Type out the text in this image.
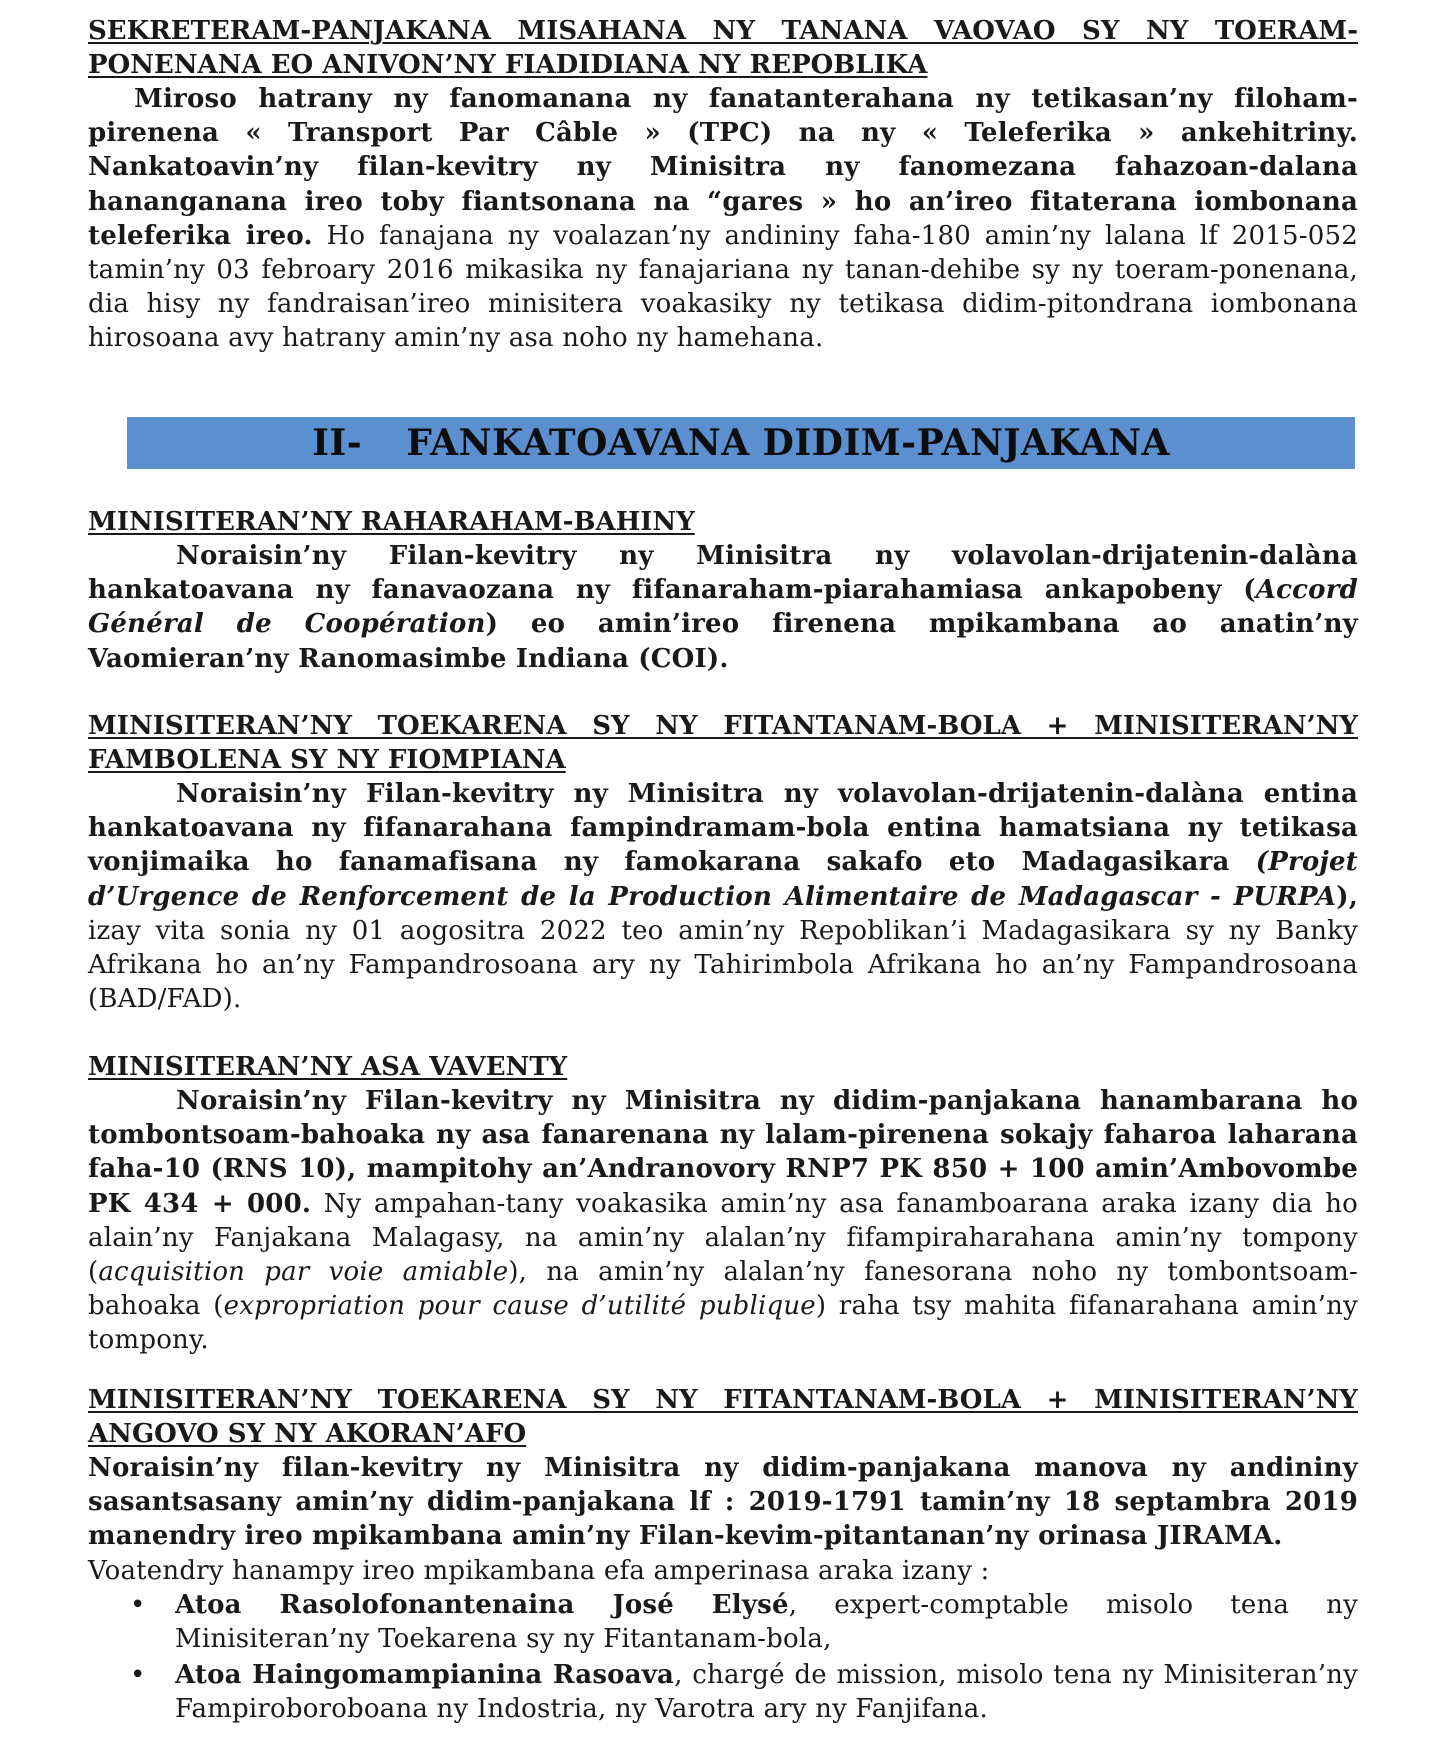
SEKRETERAM-PANJAKANA MISAHANA NY TANANA VAOVAO SY NY TOERAM-PONENANA EO ANIVON’NY FIADIDIANA NY REPOBLIKA

Miroso hatrany ny fanomanana ny fanatanterahana ny tetikasan’ny filoham-pirenena « Transport Par Câble » (TPC) na ny « Teleferika » ankehitriny. Nankatoavin’ny filan-kevitry ny Minisitra ny fanomezana fahazoan-dalana hananganana ireo toby fiantsonana na “gares » ho an’ireo fitaterana iombonana teleferika ireo. Ho fanajana ny voalazan’ny andininy faha-180 amin’ny lalana lf 2015-052 tamin’ny 03 febroary 2016 mikasika ny fanajariana ny tanan-dehibe sy ny toeram-ponenana, dia hisy ny fandraisan’ireo minisitera voakasiky ny tetikasa didim-pitondrana iombonana hirosoana avy hatrany amin’ny asa noho ny hamehana.

II- FANKATOAVANA DIDIM-PANJAKANA

MINISITERAN’NY RAHARAHAM-BAHINY

Noraisin’ny Filan-kevitry ny Minisitra ny volavolan-drijatenin-dalàna hankatoavana ny fanavaozana ny fifanaraham-piarahamiasa ankapobeny (Accord Général de Coopération) eo amin’ireo firenena mpikambana ao anatin’ny Vaomieran’ny Ranomasimbe Indiana (COI).

MINISITERAN’NY TOEKARENA SY NY FITANTANAM-BOLA + MINISITERAN’NY FAMBOLENA SY NY FIOMPIANA

Noraisin’ny Filan-kevitry ny Minisitra ny volavolan-drijatenin-dalàna entina hankatoavana ny fifanarahana fampindramam-bola entina hamatsiana ny tetikasa vonjimaika ho fanamafisana ny famokarana sakafo eto Madagasikara (Projet d’Urgence de Renforcement de la Production Alimentaire de Madagascar - PURPA), izay vita sonia ny 01 aogositra 2022 teo amin’ny Repoblikan’i Madagasikara sy ny Banky Afrikana ho an’ny Fampandrosoana ary ny Tahirimbola Afrikana ho an’ny Fampandrosoana (BAD/FAD).

MINISITERAN’NY ASA VAVENTY

Noraisin’ny Filan-kevitry ny Minisitra ny didim-panjakana hanambarana ho tombontsoam-bahoaka ny asa fanarenana ny lalam-pirenena sokajy faharoa laharana faha-10 (RNS 10), mampitohy an’Andranovory RNP7 PK 850 + 100 amin’Ambovombe PK 434 + 000. Ny ampahan-tany voakasika amin’ny asa fanamboarana araka izany dia ho alain’ny Fanjakana Malagasy, na amin’ny alalan’ny fifampiraharahana amin’ny tompony (acquisition par voie amiable), na amin’ny alalan’ny fanesorana noho ny tombontsoam-bahoaka (expropriation pour cause d’utilité publique) raha tsy mahita fifanarahana amin’ny tompony.

MINISITERAN’NY TOEKARENA SY NY FITANTANAM-BOLA + MINISITERAN’NY ANGOVO SY NY AKORAN’AFO

Noraisin’ny filan-kevitry ny Minisitra ny didim-panjakana manova ny andininy sasantsasany amin’ny didim-panjakana lf : 2019-1791 tamin’ny 18 septambra 2019 manendry ireo mpikambana amin’ny Filan-kevim-pitantanan’ny orinasa JIRAMA.

Voatendry hanampy ireo mpikambana efa amperinasa araka izany :

• Atoa Rasolofonantenaina José Elysé, expert-comptable misolo tena ny Minisiteran’ny Toekarena sy ny Fitantanam-bola,
• Atoa Haingomampianina Rasoava, chargé de mission, misolo tena ny Minisiteran’ny Fampiroboroboana ny Indostria, ny Varotra ary ny Fanjifana.
